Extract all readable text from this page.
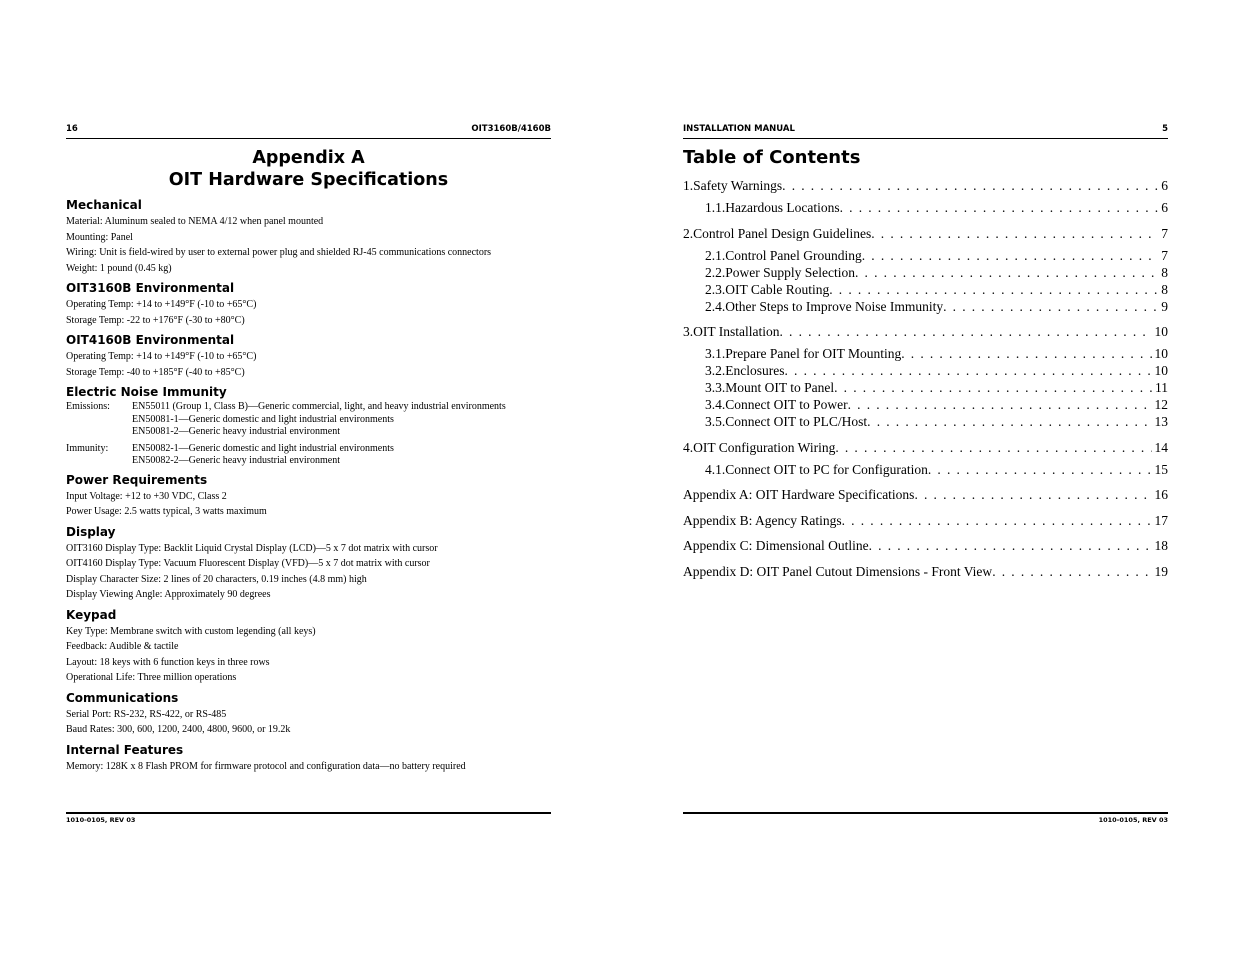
16	OIT3160B/4160B
Appendix A
OIT Hardware Specifications
Mechanical
Material: Aluminum sealed to NEMA 4/12 when panel mounted
Mounting: Panel
Wiring: Unit is field-wired by user to external power plug and shielded RJ-45 communications connectors
Weight: 1 pound (0.45 kg)
OIT3160B Environmental
Operating Temp: +14 to +149°F (-10 to +65°C)
Storage Temp: -22 to +176°F (-30 to +80°C)
OIT4160B Environmental
Operating Temp: +14 to +149°F (-10 to +65°C)
Storage Temp: -40 to +185°F (-40 to +85°C)
Electric Noise Immunity
Emissions:	EN55011 (Group 1, Class B)—Generic commercial, light, and heavy industrial environments
EN50081-1—Generic domestic and light industrial environments
EN50081-2—Generic heavy industrial environment
Immunity:	EN50082-1—Generic domestic and light industrial environments
EN50082-2—Generic heavy industrial environment
Power Requirements
Input Voltage: +12 to +30 VDC, Class 2
Power Usage: 2.5 watts typical, 3 watts maximum
Display
OIT3160 Display Type: Backlit Liquid Crystal Display (LCD)—5 x 7 dot matrix with cursor
OIT4160 Display Type: Vacuum Fluorescent Display (VFD)—5 x 7 dot matrix with cursor
Display Character Size: 2 lines of 20 characters, 0.19 inches (4.8 mm) high
Display Viewing Angle: Approximately 90 degrees
Keypad
Key Type: Membrane switch with custom legending (all keys)
Feedback: Audible & tactile
Layout: 18 keys with 6 function keys in three rows
Operational Life: Three million operations
Communications
Serial Port: RS-232, RS-422, or RS-485
Baud Rates: 300, 600, 1200, 2400, 4800, 9600, or 19.2k
Internal Features
Memory: 128K x 8 Flash PROM for firmware protocol and configuration data—no battery required
1010-0105, REV 03
INSTALLATION MANUAL	5
Table of Contents
1. Safety Warnings . . .	6
1.1. Hazardous Locations . . .	6
2. Control Panel Design Guidelines . . .	7
2.1. Control Panel Grounding . . .	7
2.2. Power Supply Selection . . .	8
2.3. OIT Cable Routing . . .	8
2.4. Other Steps to Improve Noise Immunity . . .	9
3. OIT Installation . . .	10
3.1. Prepare Panel for OIT Mounting . . .	10
3.2. Enclosures . . .	10
3.3. Mount OIT to Panel . . .	11
3.4. Connect OIT to Power . . .	12
3.5. Connect OIT to PLC/Host . . .	13
4. OIT Configuration Wiring . . .	14
4.1. Connect OIT to PC for Configuration . . .	15
Appendix A: OIT Hardware Specifications . . .	16
Appendix B: Agency Ratings . . .	17
Appendix C: Dimensional Outline . . .	18
Appendix D: OIT Panel Cutout Dimensions - Front View . . .	19
1010-0105, REV 03
